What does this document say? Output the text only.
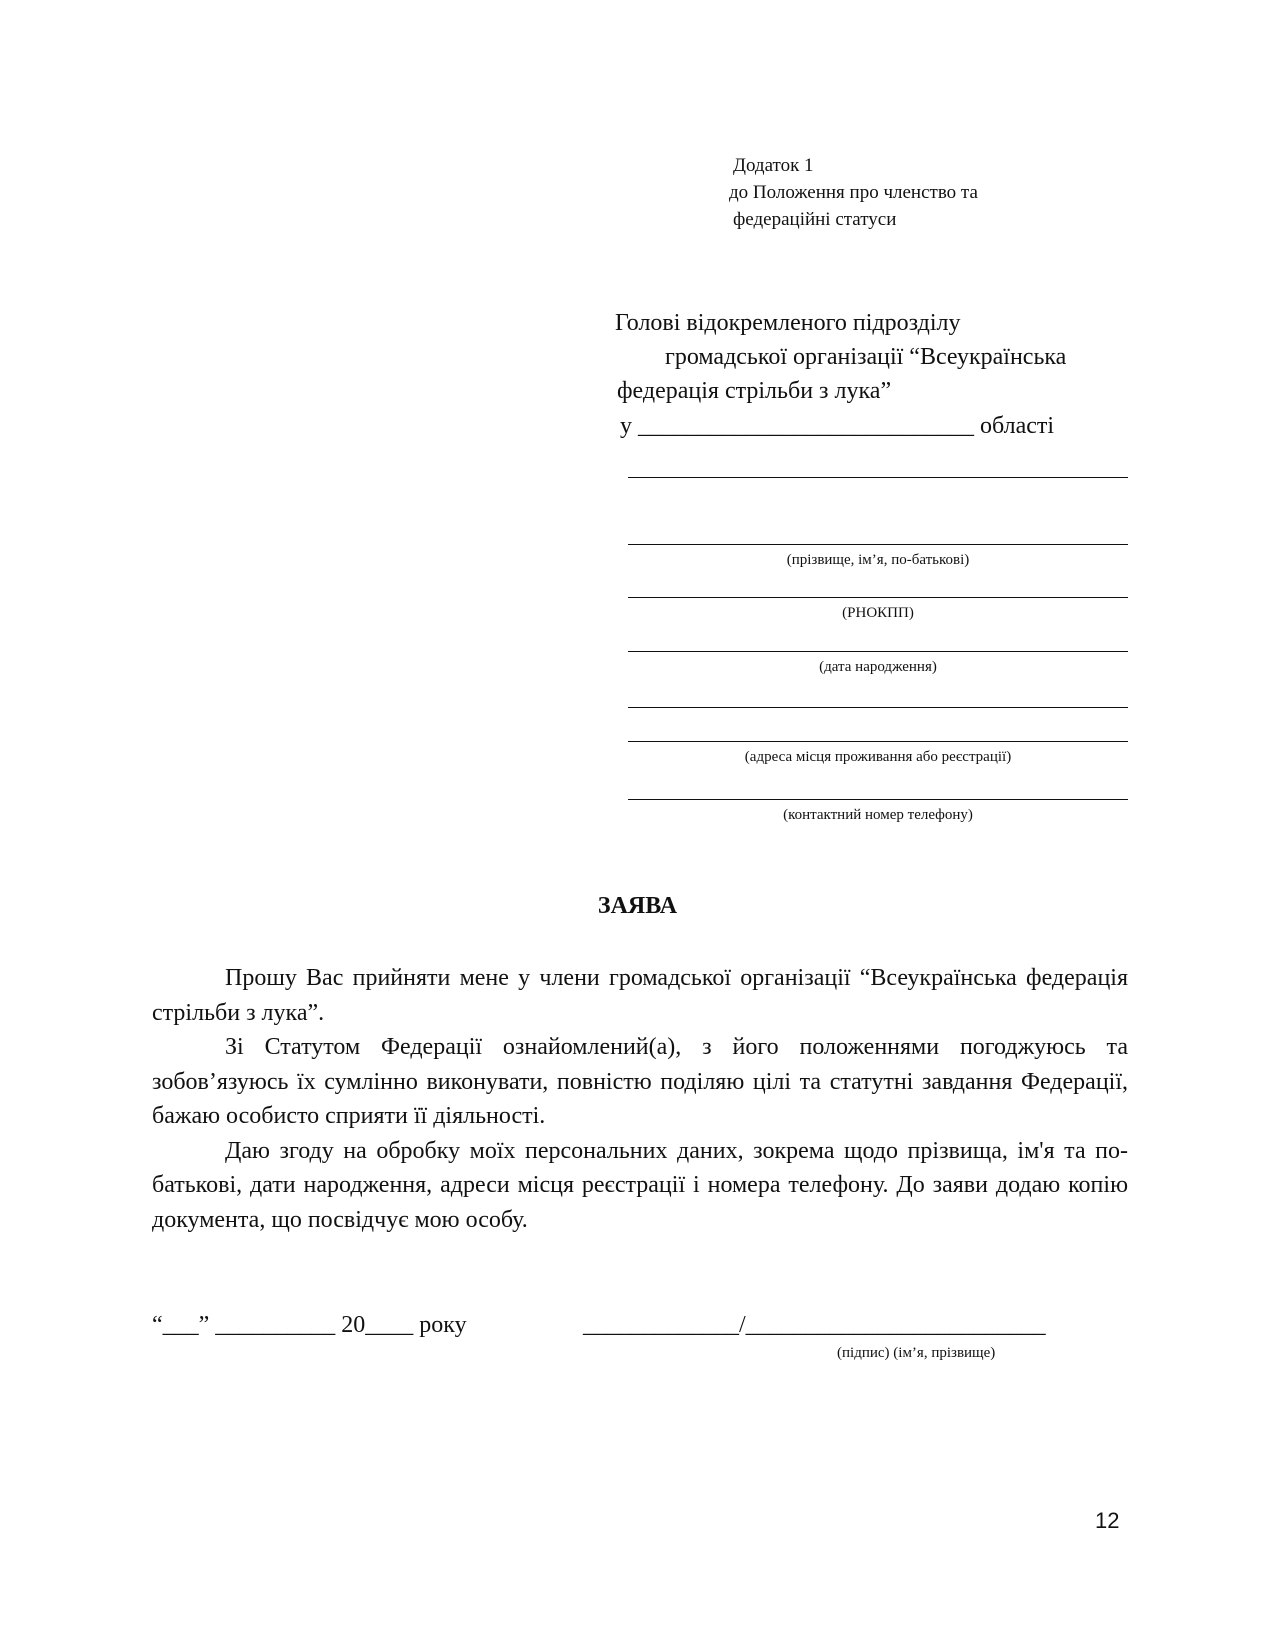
Додаток 1
до Положення про членство та
федераційні статуси
Голові відокремленого підрозділу
громадської організації “Всеукраїнська
федерація стрільби з лука”
у ____________________________ області
(прізвище, ім’я, по-батькові)
(РНОКПП)
(дата народження)
(адреса місця проживання або реєстрації)
(контактний номер телефону)
ЗАЯВА

Прошу Вас прийняти мене у члени громадської організації “Всеукраїнська федерація стрільби з лука”.

Зі Статутом Федерації ознайомлений(а), з його положеннями погоджуюсь та зобов’язуюсь їх сумлінно виконувати, повністю поділяю цілі та статутні завдання Федерації, бажаю особисто сприяти її діяльності.

Даю згоду на обробку моїх персональних даних, зокрема щодо прізвища, ім'я та по-батькові, дати народження, адреси місця реєстрації і номера телефону. До заяви додаю копію документа, що посвідчує мою особу.

“___” __________ 20____ року	_____________/_________________________
(підпис) (ім’я, прізвище)
12
